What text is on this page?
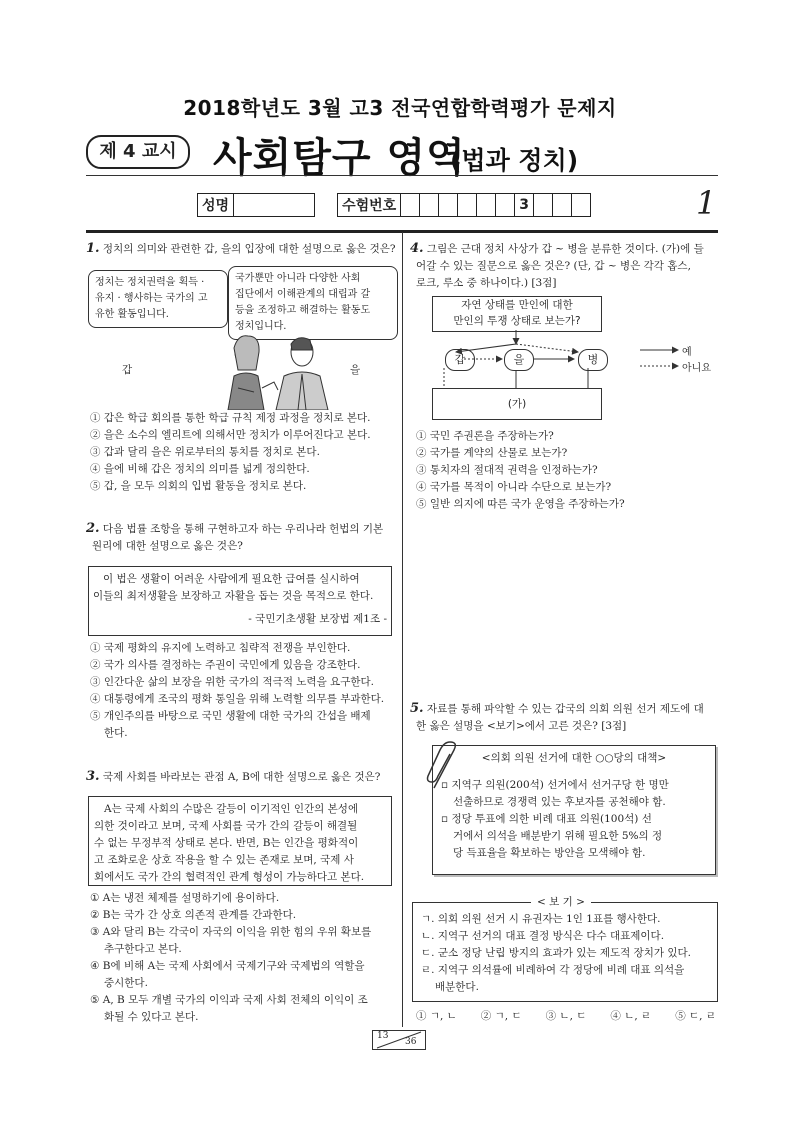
2018학년도 3월 고3 전국연합학력평가 문제지
제 4 교시 사회탐구 영역
(법과 정치)
성명			수험번호							3				1
1. 정치의 의미와 관련한 갑, 을의 입장에 대한 설명으로 옳은 것은?
정치는 정치권력을 획득 ·
유지 · 행사하는 국가의 고
유한 활동입니다.
국가뿐만 아니라 다양한 사회
집단에서 이해관계의 대립과 갈
등을 조정하고 해결하는 활동도
정치입니다.
갑	을
① 갑은 학급 회의를 통한 학급 규칙 제정 과정을 정치로 본다.
② 을은 소수의 엘리트에 의해서만 정치가 이루어진다고 본다.
③ 갑과 달리 을은 위로부터의 통치를 정치로 본다.
④ 을에 비해 갑은 정치의 의미를 넓게 정의한다.
⑤ 갑, 을 모두 의회의 입법 활동을 정치로 본다.
2. 다음 법률 조항을 통해 구현하고자 하는 우리나라 헌법의 기본
원리에 대한 설명으로 옳은 것은?
이 법은 생활이 어려운 사람에게 필요한 급여를 실시하여
이들의 최저생활을 보장하고 자활을 돕는 것을 목적으로 한다.
- 국민기초생활 보장법 제1조 -
① 국제 평화의 유지에 노력하고 침략적 전쟁을 부인한다.
② 국가 의사를 결정하는 주권이 국민에게 있음을 강조한다.
③ 인간다운 삶의 보장을 위한 국가의 적극적 노력을 요구한다.
④ 대통령에게 조국의 평화 통일을 위해 노력할 의무를 부과한다.
⑤ 개인주의를 바탕으로 국민 생활에 대한 국가의 간섭을 배제
한다.
3. 국제 사회를 바라보는 관점 A, B에 대한 설명으로 옳은 것은?
A는 국제 사회의 수많은 갈등이 이기적인 인간의 본성에
의한 것이라고 보며, 국제 사회를 국가 간의 갈등이 해결될
수 없는 무정부적 상태로 본다. 반면, B는 인간을 평화적이
고 조화로운 상호 작용을 할 수 있는 존재로 보며, 국제 사
회에서도 국가 간의 협력적인 관계 형성이 가능하다고 본다.
① A는 냉전 체제를 설명하기에 용이하다.
② B는 국가 간 상호 의존적 관계를 간과한다.
③ A와 달리 B는 각국이 자국의 이익을 위한 힘의 우위 확보를
추구한다고 본다.
④ B에 비해 A는 국제 사회에서 국제기구와 국제법의 역할을
중시한다.
⑤ A, B 모두 개별 국가의 이익과 국제 사회 전체의 이익이 조
화될 수 있다고 본다.
4. 그림은 근대 정치 사상가 갑 ~ 병을 분류한 것이다. (가)에 들
어갈 수 있는 질문으로 옳은 것은? (단, 갑 ~ 병은 각각 홉스,
로크, 루소 중 하나이다.) [3점]
자연 상태를 만인에 대한
만인의 투쟁 상태로 보는가?
갑	을	병
예
아니요
(가)
① 국민 주권론을 주장하는가?
② 국가를 계약의 산물로 보는가?
③ 통치자의 절대적 권력을 인정하는가?
④ 국가를 목적이 아니라 수단으로 보는가?
⑤ 일반 의지에 따른 국가 운영을 주장하는가?
5. 자료를 통해 파악할 수 있는 갑국의 의회 의원 선거 제도에 대
한 옳은 설명을 <보기>에서 고른 것은? [3점]
<의회 의원 선거에 대한 ○○당의 대책>
▫ 지역구 의원(200석) 선거에서 선거구당 한 명만
선출하므로 경쟁력 있는 후보자를 공천해야 함.
▫ 정당 투표에 의한 비례 대표 의원(100석) 선
거에서 의석을 배분받기 위해 필요한 5%의 정
당 득표율을 확보하는 방안을 모색해야 함.
< 보 기 >
ㄱ. 의회 의원 선거 시 유권자는 1인 1표를 행사한다.
ㄴ. 지역구 선거의 대표 결정 방식은 다수 대표제이다.
ㄷ. 군소 정당 난립 방지의 효과가 있는 제도적 장치가 있다.
ㄹ. 지역구 의석률에 비례하여 각 정당에 비례 대표 의석을
배분한다.
① ㄱ, ㄴ ② ㄱ, ㄷ ③ ㄴ, ㄷ ④ ㄴ, ㄹ ⑤ ㄷ, ㄹ
13
36
